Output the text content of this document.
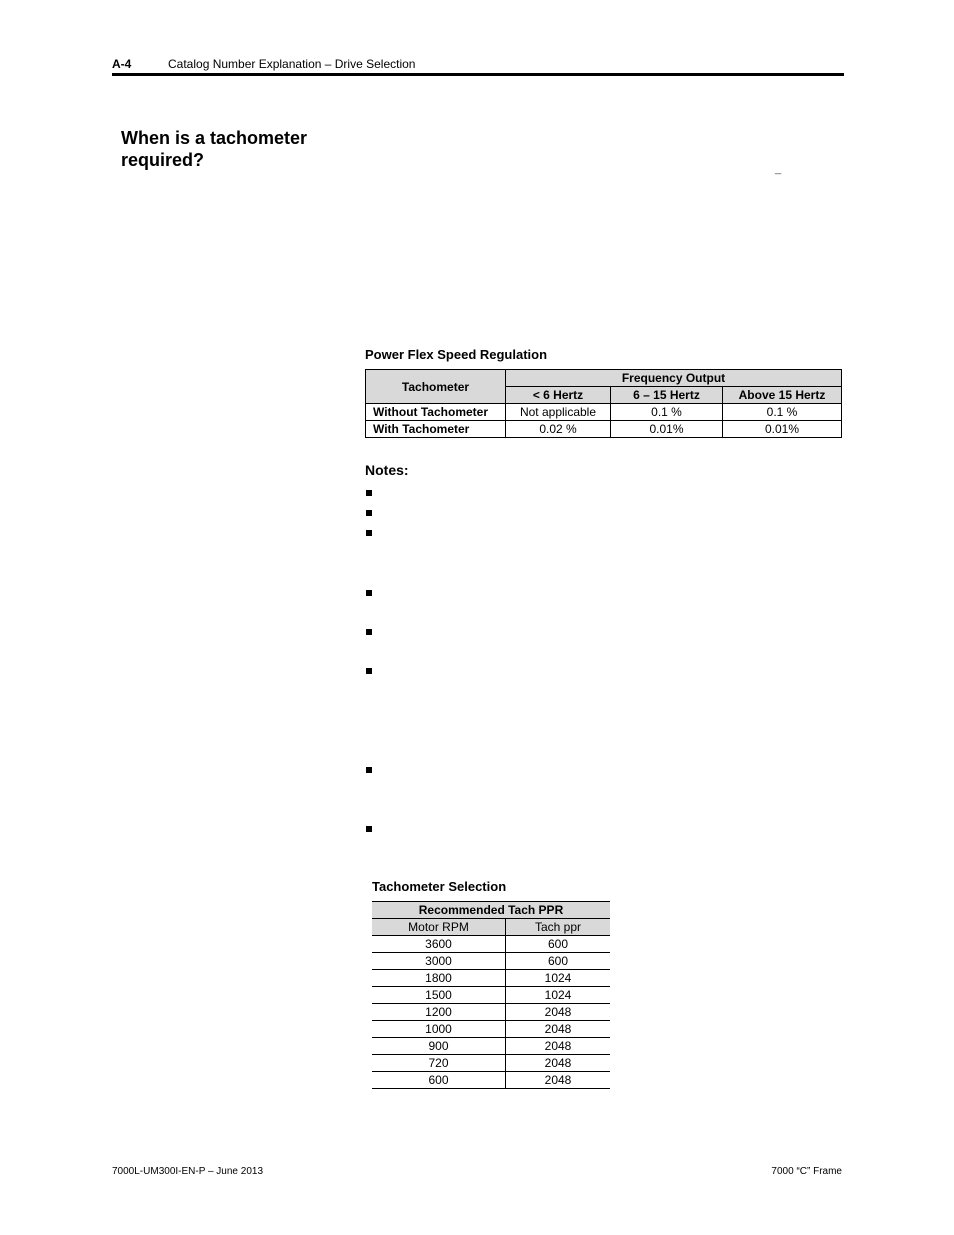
A-4	Catalog Number Explanation – Drive Selection
When is a tachometer required?	_
Power Flex Speed Regulation
Tachometer	Frequency Output		
	< 6 Hertz	6 – 15 Hertz	Above 15 Hertz
Without Tachometer	Not applicable	0.1 %	0.1 %
With Tachometer	0.02 %	0.01%	0.01%
Notes:
Tachometer Selection
Recommended Tach PPR	
Motor RPM	Tach ppr
3600	600
3000	600
1800	1024
1500	1024
1200	2048
1000	2048
900	2048
720	2048
600	2048
7000L-UM300I-EN-P – June 2013	7000 “C” Frame
